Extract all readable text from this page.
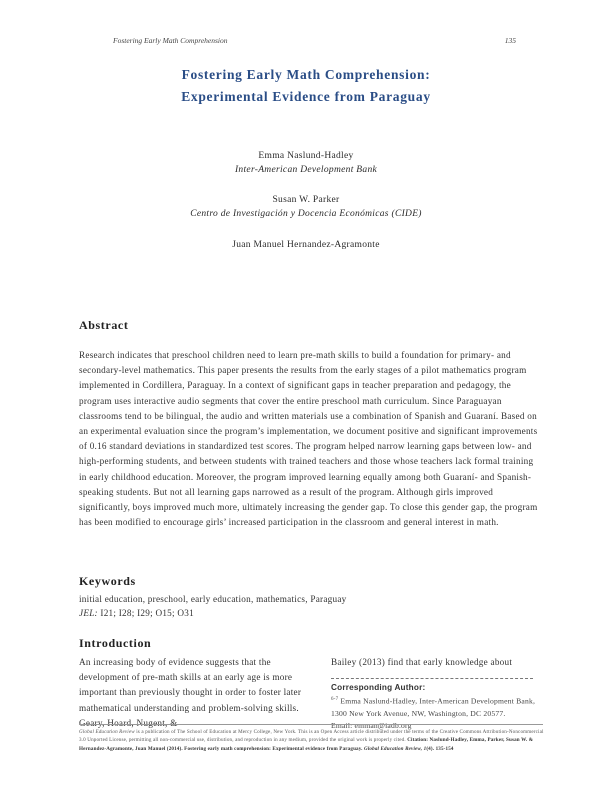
Fostering Early Math Comprehension	135
Fostering Early Math Comprehension:
Experimental Evidence from Paraguay
Emma Naslund-Hadley
Inter-American Development Bank
Susan W. Parker
Centro de Investigación y Docencia Económicas (CIDE)
Juan Manuel Hernandez-Agramonte
Abstract
Research indicates that preschool children need to learn pre-math skills to build a foundation for primary- and secondary-level mathematics. This paper presents the results from the early stages of a pilot mathematics program implemented in Cordillera, Paraguay. In a context of significant gaps in teacher preparation and pedagogy, the program uses interactive audio segments that cover the entire preschool math curriculum. Since Paraguayan classrooms tend to be bilingual, the audio and written materials use a combination of Spanish and Guaraní. Based on an experimental evaluation since the program’s implementation, we document positive and significant improvements of 0.16 standard deviations in standardized test scores. The program helped narrow learning gaps between low- and high-performing students, and between students with trained teachers and those whose teachers lack formal training in early childhood education. Moreover, the program improved learning equally among both Guaraní- and Spanish-speaking students. But not all learning gaps narrowed as a result of the program. Although girls improved significantly, boys improved much more, ultimately increasing the gender gap. To close this gender gap, the program has been modified to encourage girls’ increased participation in the classroom and general interest in math.
Keywords
initial education, preschool, early education, mathematics, Paraguay
JEL: I21; I28; I29; O15; O31
Introduction
An increasing body of evidence suggests that the development of pre-math skills at an early age is more important than previously thought in order to foster later mathematical understanding and problem-solving skills. Geary, Hoard, Nugent, &
Bailey (2013) find that early knowledge about
Corresponding Author:
$^{6-7}$ Emma Naslund-Hadley, Inter-American Development Bank, 1300 New York Avenue, NW, Washington, DC 20577.
Email: emman@iadb.org
Global Education Review is a publication of The School of Education at Mercy College, New York. This is an Open Access article distributed under the terms of the Creative Commons Attribution-Noncommercial 3.0 Unported License, permitting all non-commercial use, distribution, and reproduction in any medium, provided the original work is properly cited. Citation: Naslund-Hadley, Emma, Parker, Susan W. & Hernandez-Agramonte, Juan Manuel (2014). Fostering early math comprehension: Experimental evidence from Paraguay. Global Education Review, 1(4). 135-154
